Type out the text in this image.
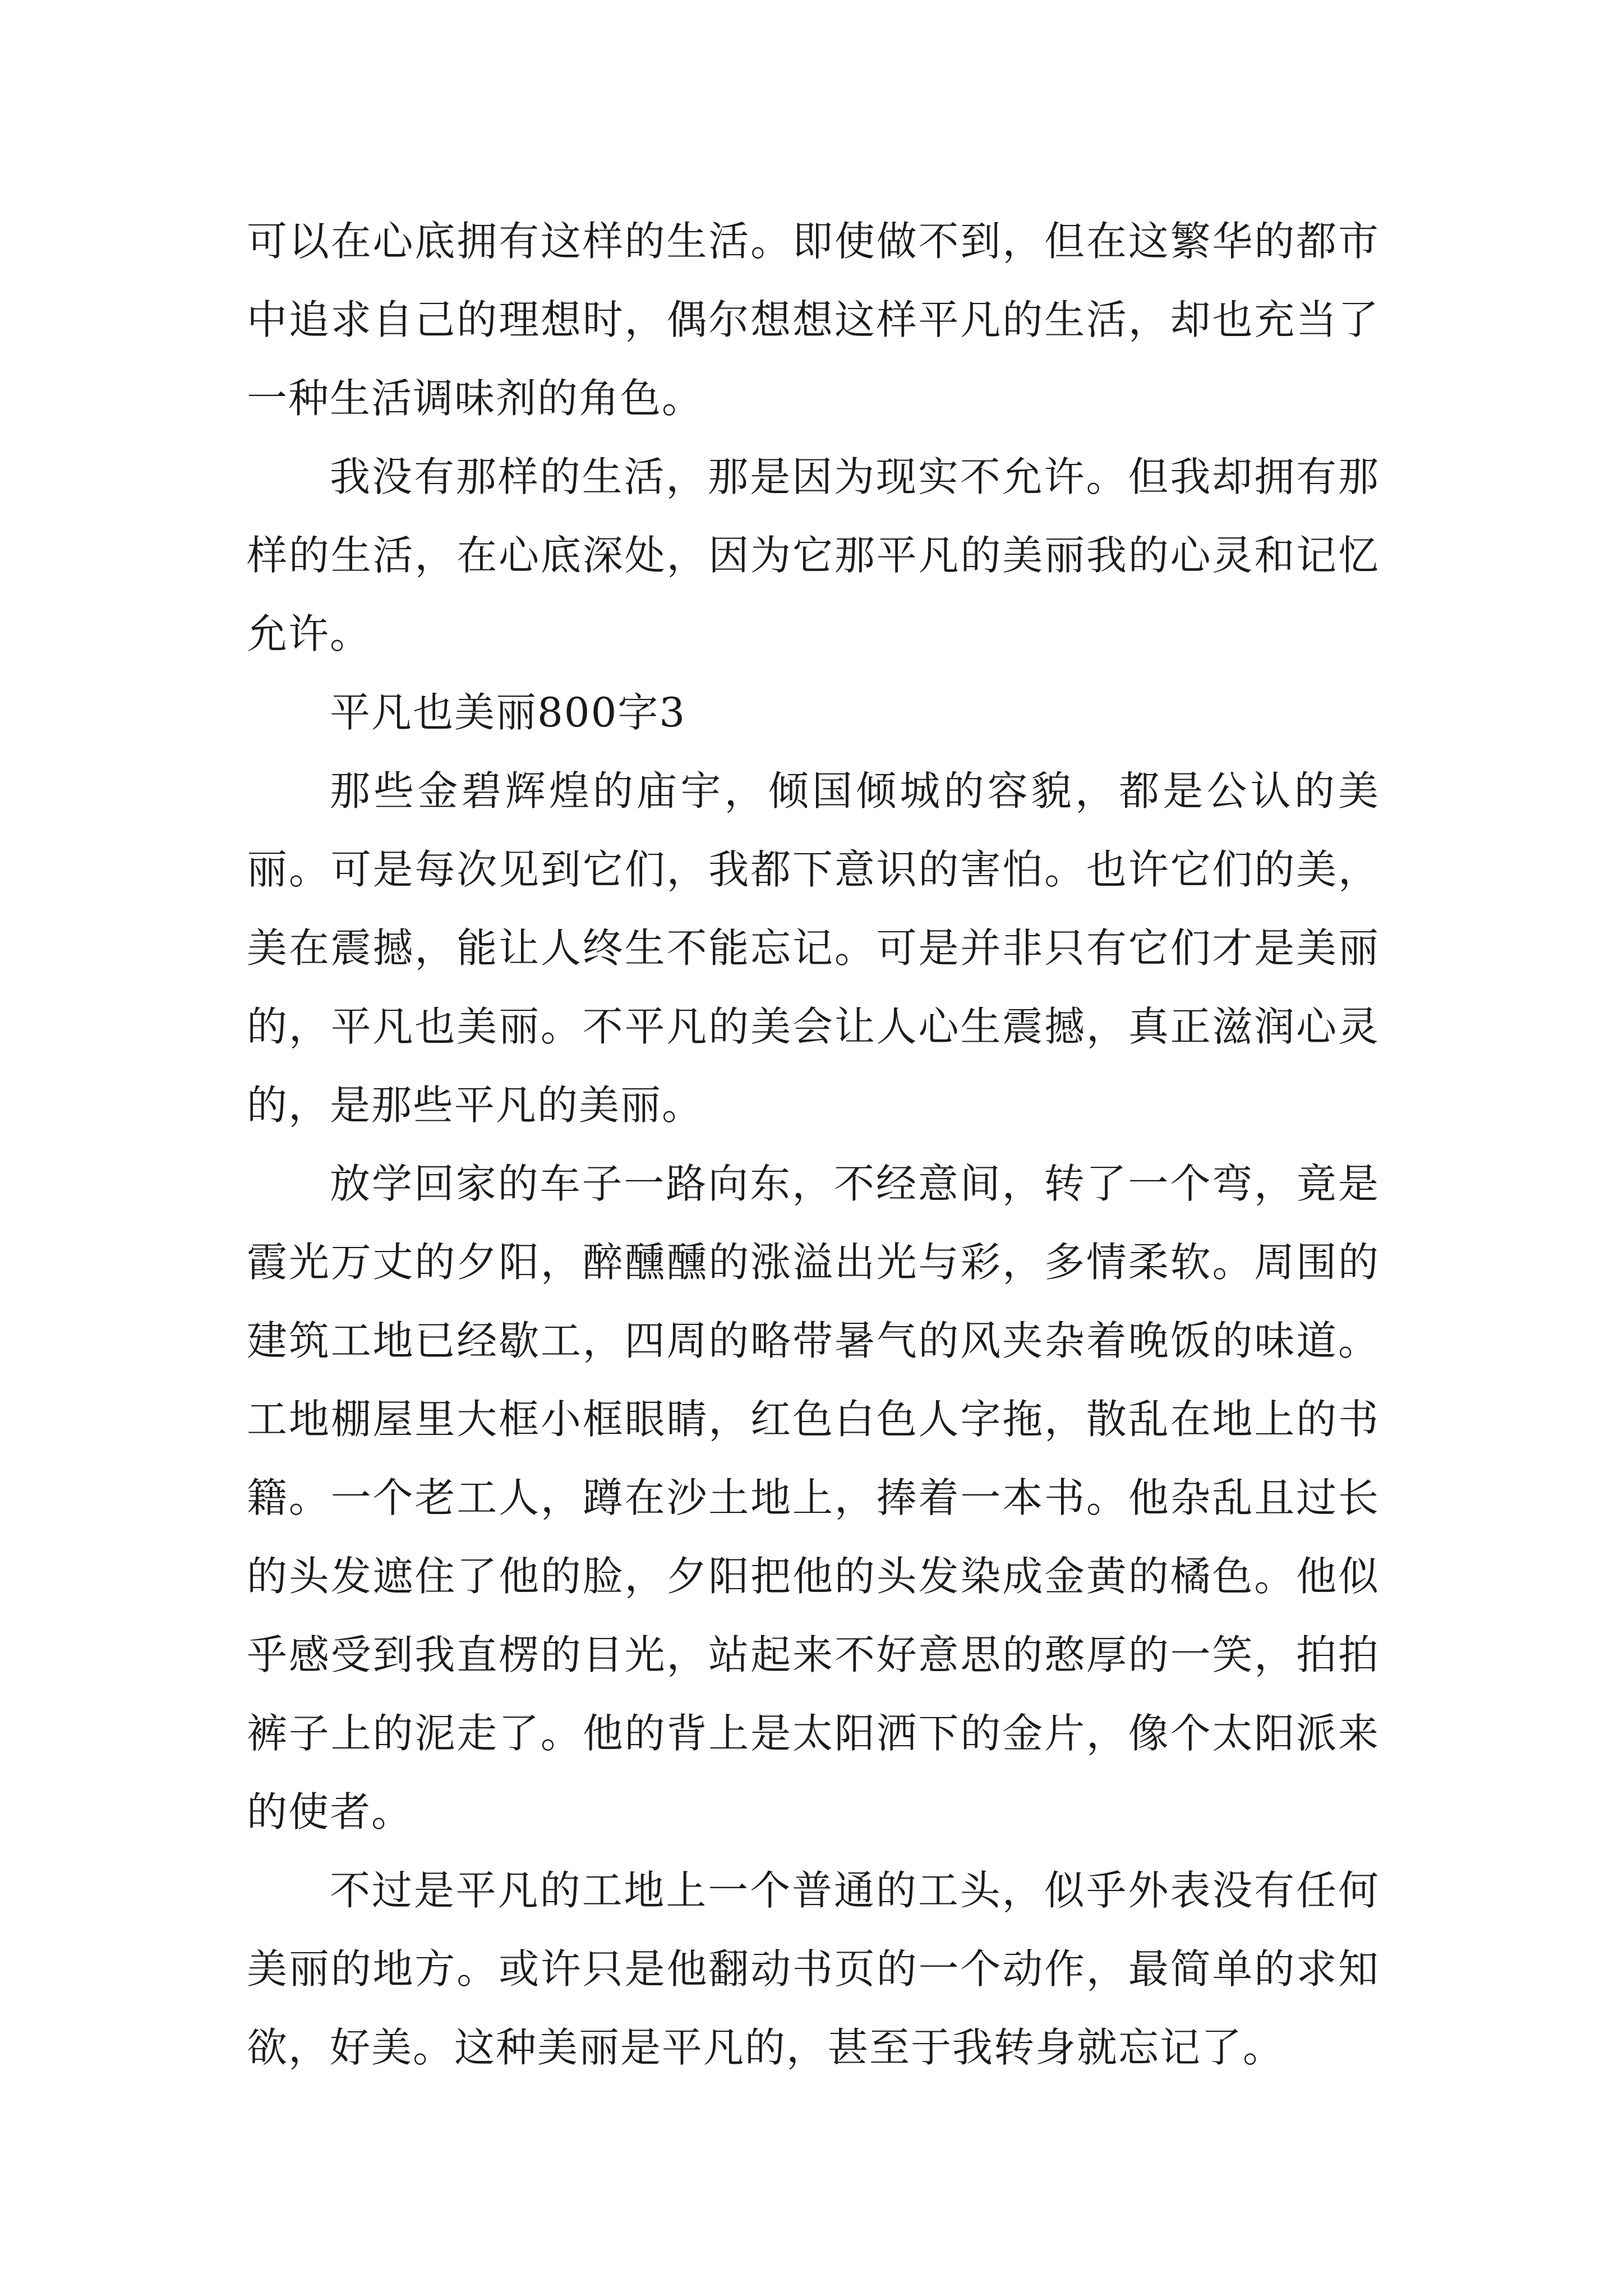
可以在心底拥有这样的生活。即使做不到，但在这繁华的都市中追求自己的理想时，偶尔想想这样平凡的生活，却也充当了一种生活调味剂的角色。

我没有那样的生活，那是因为现实不允许。但我却拥有那样的生活，在心底深处，因为它那平凡的美丽我的心灵和记忆允许。

平凡也美丽800字3

那些金碧辉煌的庙宇，倾国倾城的容貌，都是公认的美丽。可是每次见到它们，我都下意识的害怕。也许它们的美，美在震撼，能让人终生不能忘记。可是并非只有它们才是美丽的，平凡也美丽。不平凡的美会让人心生震撼，真正滋润心灵的，是那些平凡的美丽。

放学回家的车子一路向东，不经意间，转了一个弯，竟是霞光万丈的夕阳，醉醺醺的涨溢出光与彩，多情柔软。周围的建筑工地已经歇工，四周的略带暑气的风夹杂着晚饭的味道。工地棚屋里大框小框眼睛，红色白色人字拖，散乱在地上的书籍。一个老工人，蹲在沙土地上，捧着一本书。他杂乱且过长的头发遮住了他的脸，夕阳把他的头发染成金黄的橘色。他似乎感受到我直楞的目光，站起来不好意思的憨厚的一笑，拍拍裤子上的泥走了。他的背上是太阳洒下的金片，像个太阳派来的使者。

不过是平凡的工地上一个普通的工头，似乎外表没有任何美丽的地方。或许只是他翻动书页的一个动作，最简单的求知欲，好美。这种美丽是平凡的，甚至于我转身就忘记了。
